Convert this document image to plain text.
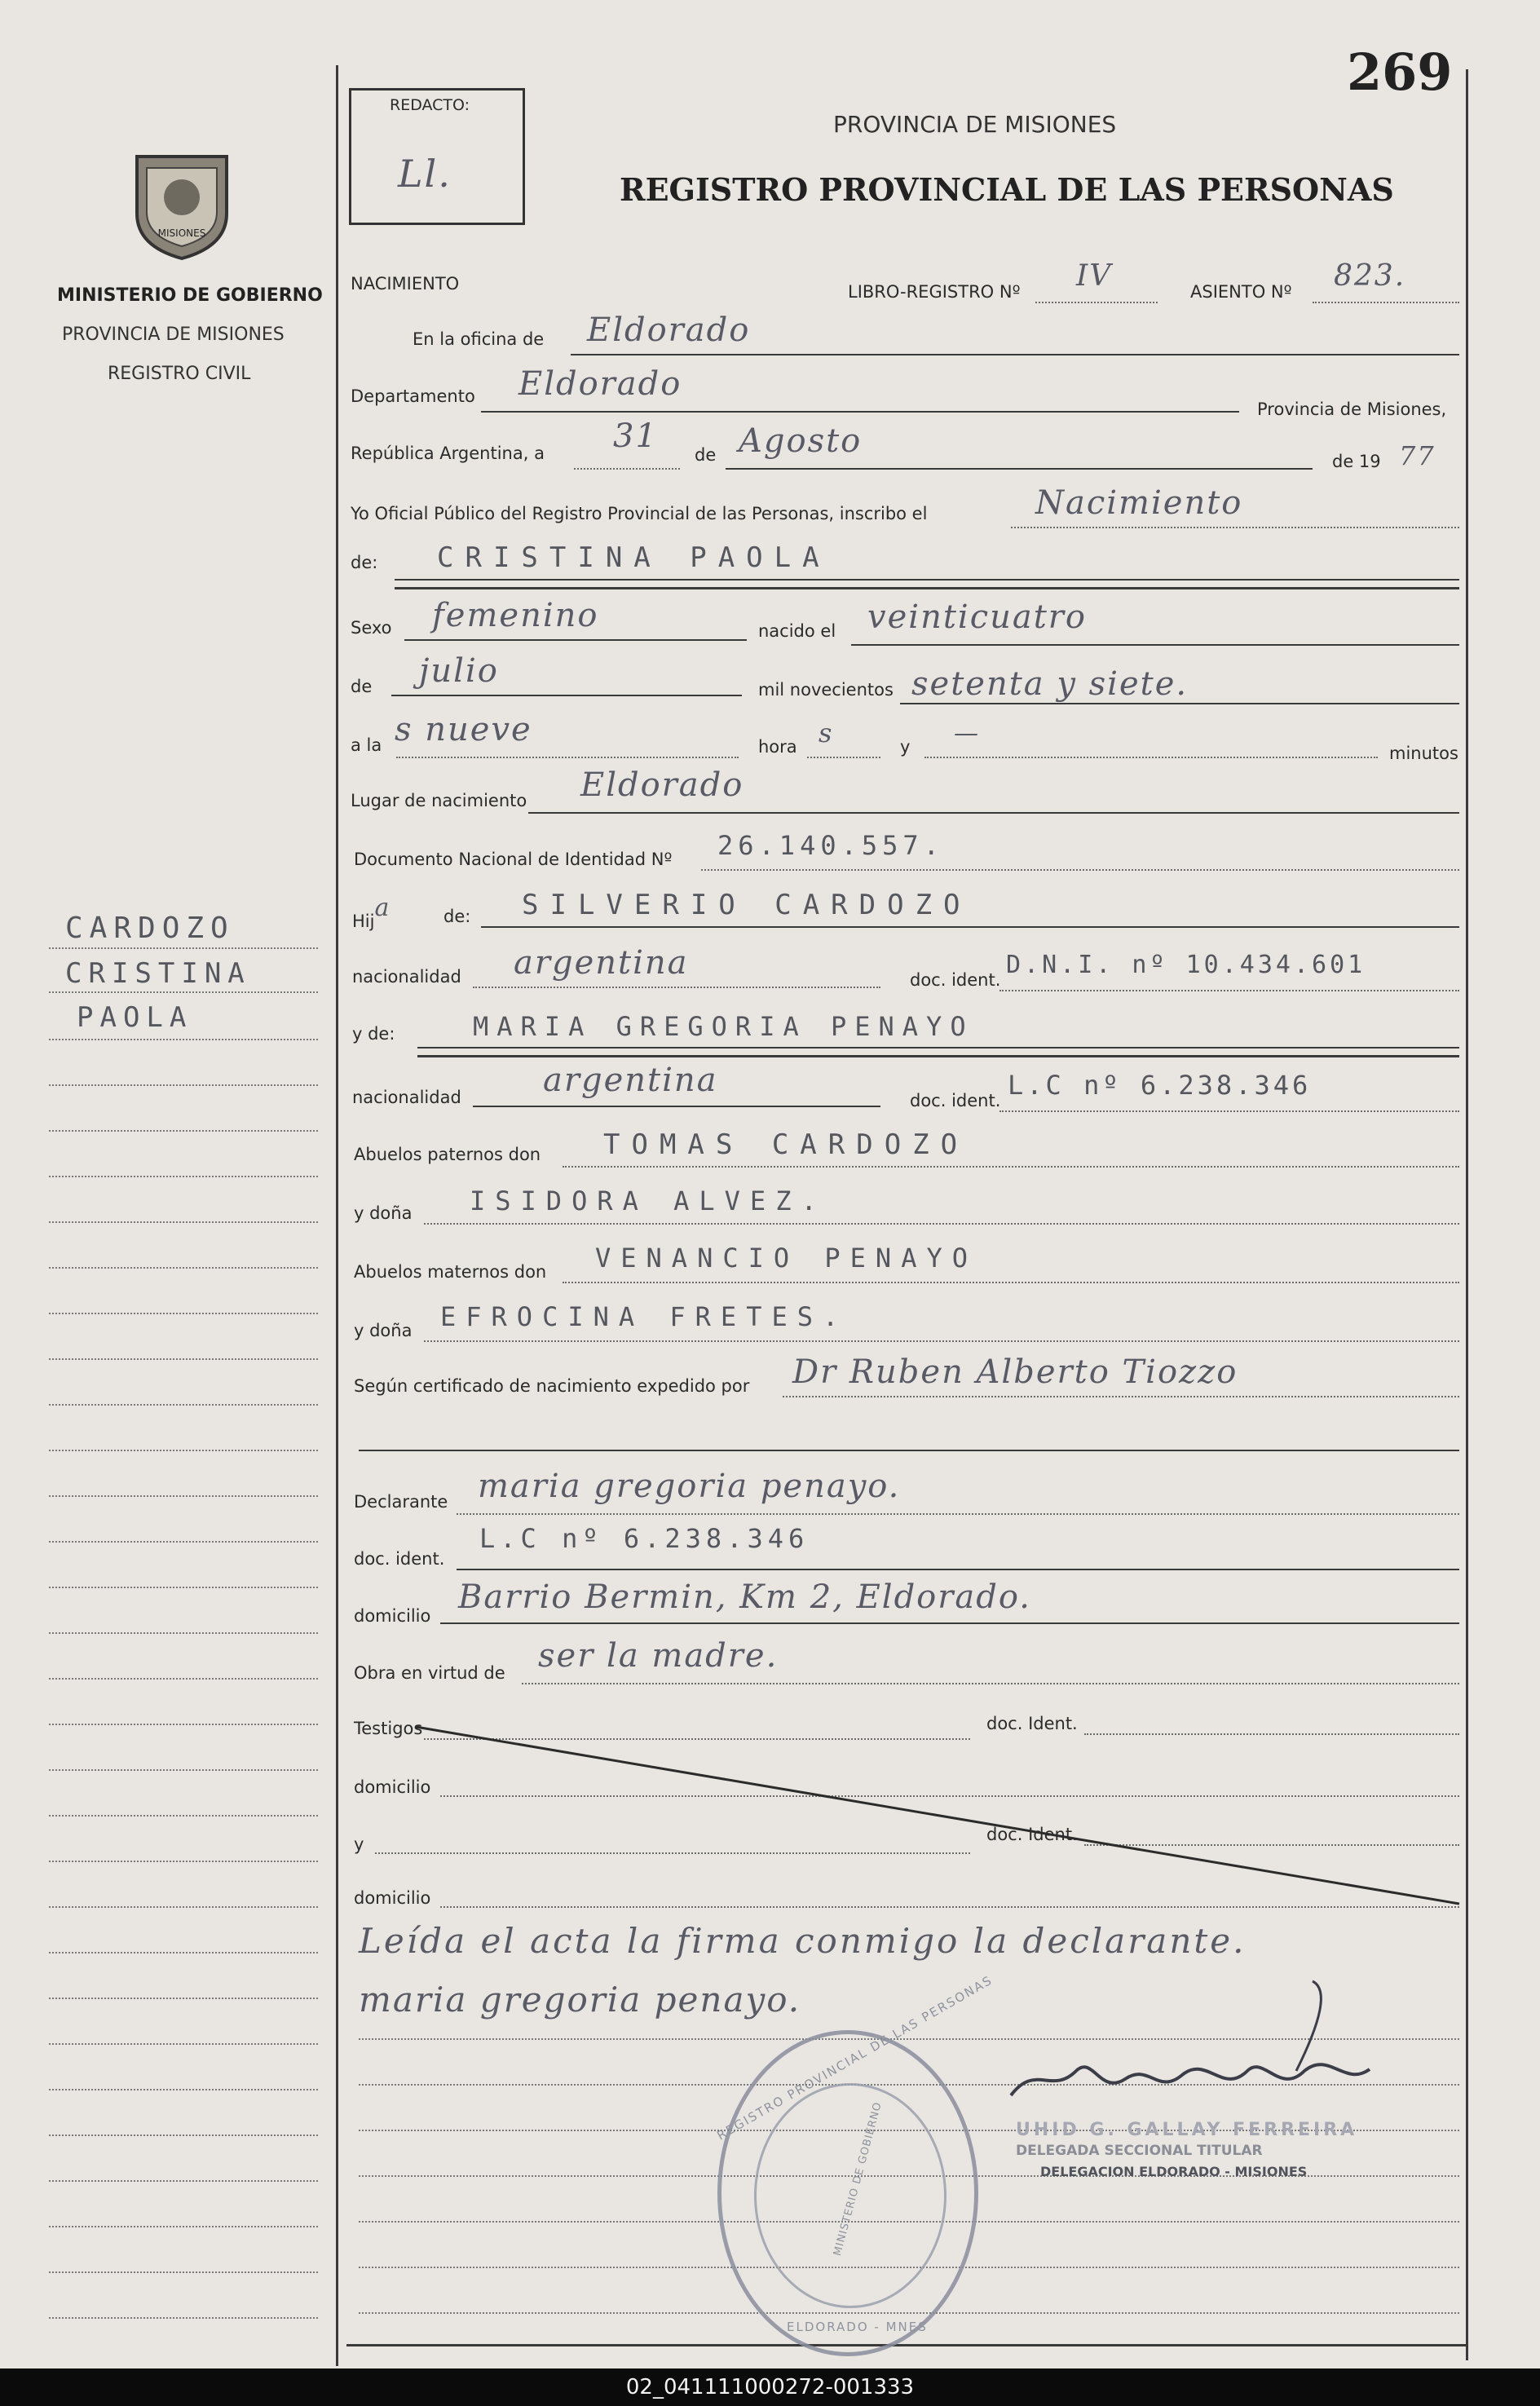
269
MISIONES
MINISTERIO DE GOBIERNO
PROVINCIA DE MISIONES
REGISTRO CIVIL
REDACTO:
Ll.
PROVINCIA DE MISIONES
REGISTRO PROVINCIAL DE LAS PERSONAS
NACIMIENTO	LIBRO-REGISTRO Nº IV	ASIENTO Nº 823.
En la oficina de Eldorado
Departamento Eldorado
Provincia de Misiones,
República Argentina, a 31 de Agosto
de 19 77
Yo Oficial Público del Registro Provincial de las Personas, inscribo el	Nacimiento
de: CRISTINA PAOLA
Sexo femenino	nacido el veinticuatro
de julio	mil novecientos setenta y siete.
a la s nueve	hora s	y —
minutos
Lugar de nacimiento Eldorado
Documento Nacional de Identidad Nº 26.140.557.
Hija	de: SILVERIO CARDOZO
nacionalidad argentina	doc. ident.
D.N.I. nº 10.434.601
y de:	MARIA GREGORIA PENAYO
nacionalidad	argentina
doc. ident. L.C nº 6.238.346
Abuelos paternos don TOMAS CARDOZO
y doña ISIDORA ALVEZ.
Abuelos maternos don VENANCIO PENAYO
y doña EFROCINA FRETES.
Según certificado de nacimiento expedido por Dr Ruben Alberto Tiozzo
Declarante maria gregoria penayo.
doc. ident.
L.C nº 6.238.346
domicilio Barrio Bermin, Km 2, Eldorado.
Obra en virtud de ser la madre.
Testigos	doc. Ident.
domicilio
y	doc. Ident.
domicilio
Leída el acta la firma conmigo la declarante.
maria gregoria penayo.
REGISTRO PROVINCIAL DE LAS PERSONAS
MINISTERIO DE GOBIERNO
ELDORADO - MNES
UHID G. GALLAY FERREIRA
DELEGADA SECCIONAL TITULAR
DELEGACION ELDORADO - MISIONES
CARDOZO
CRISTINA
PAOLA
02_041111000272-001333
